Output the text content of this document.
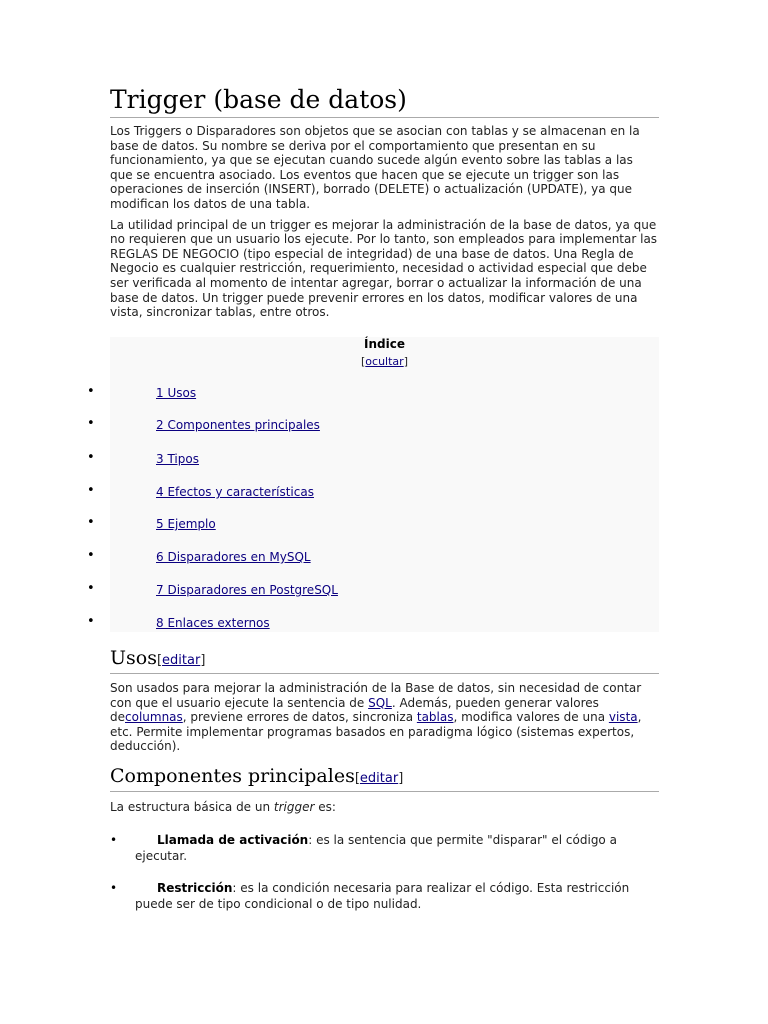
Trigger (base de datos)

Los Triggers o Disparadores son objetos que se asocian con tablas y se almacenan en la base de datos. Su nombre se deriva por el comportamiento que presentan en su funcionamiento, ya que se ejecutan cuando sucede algún evento sobre las tablas a las que se encuentra asociado. Los eventos que hacen que se ejecute un trigger son las operaciones de inserción (INSERT), borrado (DELETE) o actualización (UPDATE), ya que modifican los datos de una tabla.

La utilidad principal de un trigger es mejorar la administración de la base de datos, ya que no requieren que un usuario los ejecute. Por lo tanto, son empleados para implementar las REGLAS DE NEGOCIO (tipo especial de integridad) de una base de datos. Una Regla de Negocio es cualquier restricción, requerimiento, necesidad o actividad especial que debe ser verificada al momento de intentar agregar, borrar o actualizar la información de una base de datos. Un trigger puede prevenir errores en los datos, modificar valores de una vista, sincronizar tablas, entre otros.

Índice
[ocultar]
•	1 Usos
•	2 Componentes principales
•	3 Tipos
•	4 Efectos y características
•	5 Ejemplo
•	6 Disparadores en MySQL
•	7 Disparadores en PostgreSQL
•	8 Enlaces externos
Usos[editar]

Son usados para mejorar la administración de la Base de datos, sin necesidad de contar con que el usuario ejecute la sentencia de SQL. Además, pueden generar valores decolumnas, previene errores de datos, sincroniza tablas, modifica valores de una vista, etc. Permite implementar programas basados en paradigma lógico (sistemas expertos, deducción).

Componentes principales[editar]

La estructura básica de un trigger es:

•	Llamada de activación: es la sentencia que permite "disparar" el código a ejecutar.
•	Restricción: es la condición necesaria para realizar el código. Esta restricción puede ser de tipo condicional o de tipo nulidad.
